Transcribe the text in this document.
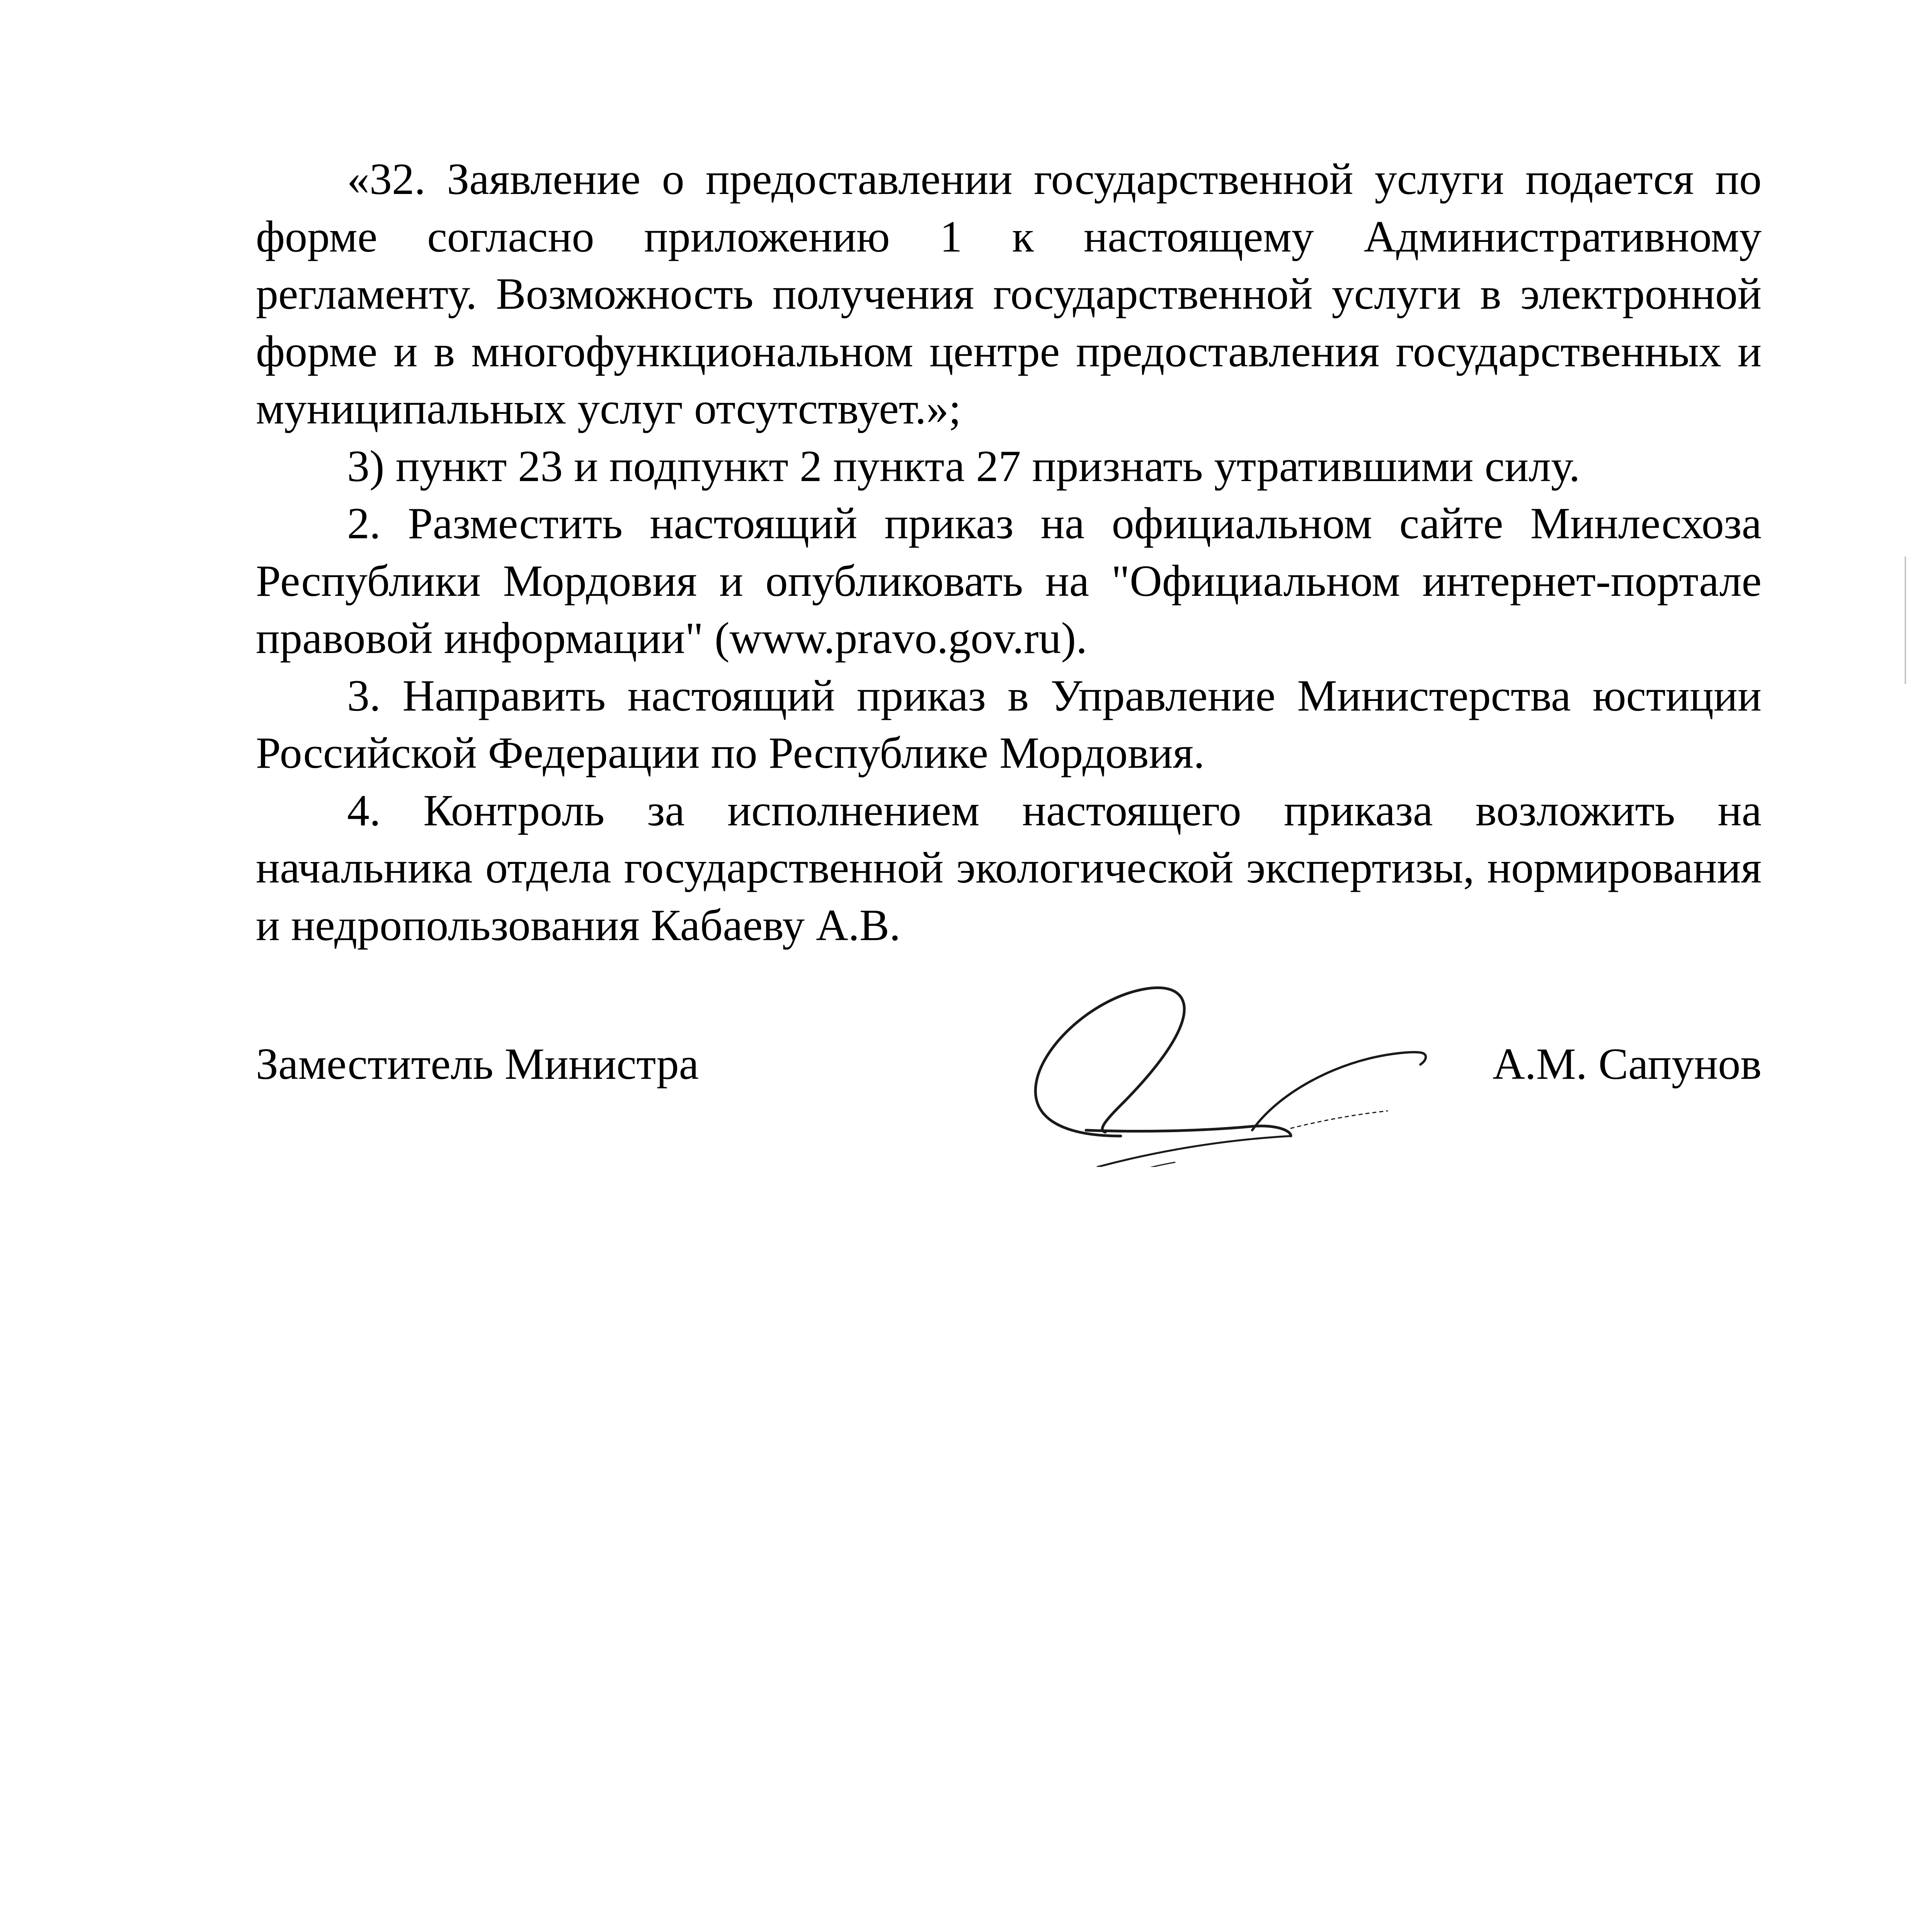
«32. Заявление о предоставлении государственной услуги подается по форме согласно приложению 1 к настоящему Административному регламенту. Возможность получения государственной услуги в электронной форме и в многофункциональном центре предоставления государственных и муниципальных услуг отсутствует.»;

3) пункт 23 и подпункт 2 пункта 27 признать утратившими силу.

2. Разместить настоящий приказ на официальном сайте Минлесхоза Республики Мордовия и опубликовать на "Официальном интернет-портале правовой информации" (www.pravo.gov.ru).

3. Направить настоящий приказ в Управление Министерства юстиции Российской Федерации по Республике Мордовия.

4. Контроль за исполнением настоящего приказа возложить на начальника отдела государственной экологической экспертизы, нормирования и недропользования Кабаеву А.В.

Заместитель Министра	А.М. Сапунов
